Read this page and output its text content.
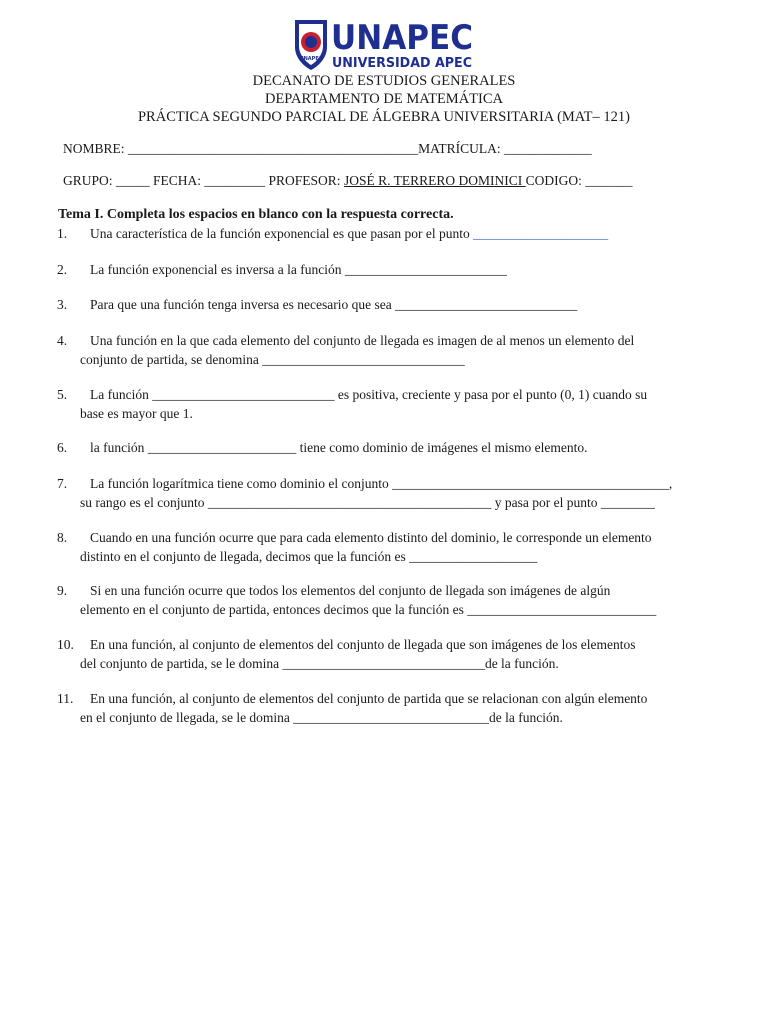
UNAPEC
UNAPEC
UNIVERSIDAD APEC
DECANATO DE ESTUDIOS GENERALES
DEPARTAMENTO DE MATEMÁTICA
PRÁCTICA SEGUNDO PARCIAL DE ÁLGEBRA UNIVERSITARIA (MAT– 121)
NOMBRE: ___________________________________________MATRÍCULA: _____________
GRUPO: _____ FECHA: _________ PROFESOR: JOSÉ R. TERRERO DOMINICI CODIGO: _______
Tema I. Completa los espacios en blanco con la respuesta correcta.
1. Una característica de la función exponencial es que pasan por el punto ____________________
2. La función exponencial es inversa a la función ________________________
3. Para que una función tenga inversa es necesario que sea ___________________________
4. Una función en la que cada elemento del conjunto de llegada es imagen de al menos un elemento del
conjunto de partida, se denomina ______________________________
5. La función ___________________________ es positiva, creciente y pasa por el punto (0, 1) cuando su
base es mayor que 1.
6. la función ______________________ tiene como dominio de imágenes el mismo elemento.
7. La función logarítmica tiene como dominio el conjunto _________________________________________,
su rango es el conjunto __________________________________________ y pasa por el punto ________
8. Cuando en una función ocurre que para cada elemento distinto del dominio, le corresponde un elemento
distinto en el conjunto de llegada, decimos que la función es ___________________
9. Si en una función ocurre que todos los elementos del conjunto de llegada son imágenes de algún
elemento en el conjunto de partida, entonces decimos que la función es ____________________________
10. En una función, al conjunto de elementos del conjunto de llegada que son imágenes de los elementos
del conjunto de partida, se le domina ______________________________de la función.
11. En una función, al conjunto de elementos del conjunto de partida que se relacionan con algún elemento
en el conjunto de llegada, se le domina _____________________________de la función.
